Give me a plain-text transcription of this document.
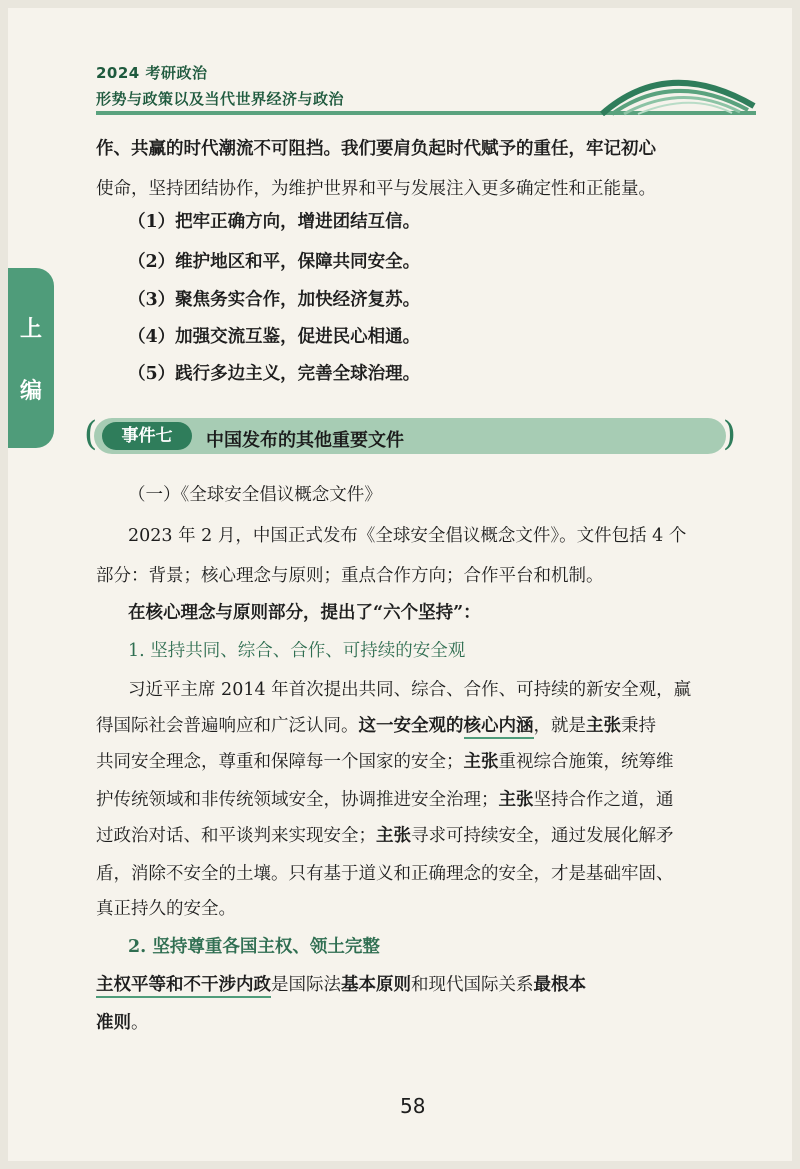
2024 考研政治
形势与政策以及当代世界经济与政治
上
编
作、共赢的时代潮流不可阻挡。我们要肩负起时代赋予的重任，牢记初心
使命，坚持团结协作，为维护世界和平与发展注入更多确定性和正能量。
（1）把牢正确方向，增进团结互信。
（2）维护地区和平，保障共同安全。
（3）聚焦务实合作，加快经济复苏。
（4）加强交流互鉴，促进民心相通。
（5）践行多边主义，完善全球治理。
(	事件七	中国发布的其他重要文件	)
（一）《全球安全倡议概念文件》
2023 年 2 月，中国正式发布《全球安全倡议概念文件》。文件包括 4 个
部分：背景；核心理念与原则；重点合作方向；合作平台和机制。
在核心理念与原则部分，提出了“六个坚持”：
1. 坚持共同、综合、合作、可持续的安全观
习近平主席 2014 年首次提出共同、综合、合作、可持续的新安全观，赢
得国际社会普遍响应和广泛认同。这一安全观的核心内涵，就是主张秉持
共同安全理念，尊重和保障每一个国家的安全；主张重视综合施策，统筹维
护传统领域和非传统领域安全，协调推进安全治理；主张坚持合作之道，通
过政治对话、和平谈判来实现安全；主张寻求可持续安全，通过发展化解矛
盾，消除不安全的土壤。只有基于道义和正确理念的安全，才是基础牢固、
真正持久的安全。
2. 坚持尊重各国主权、领土完整
主权平等和不干涉内政是国际法基本原则和现代国际关系最根本
准则。
58
